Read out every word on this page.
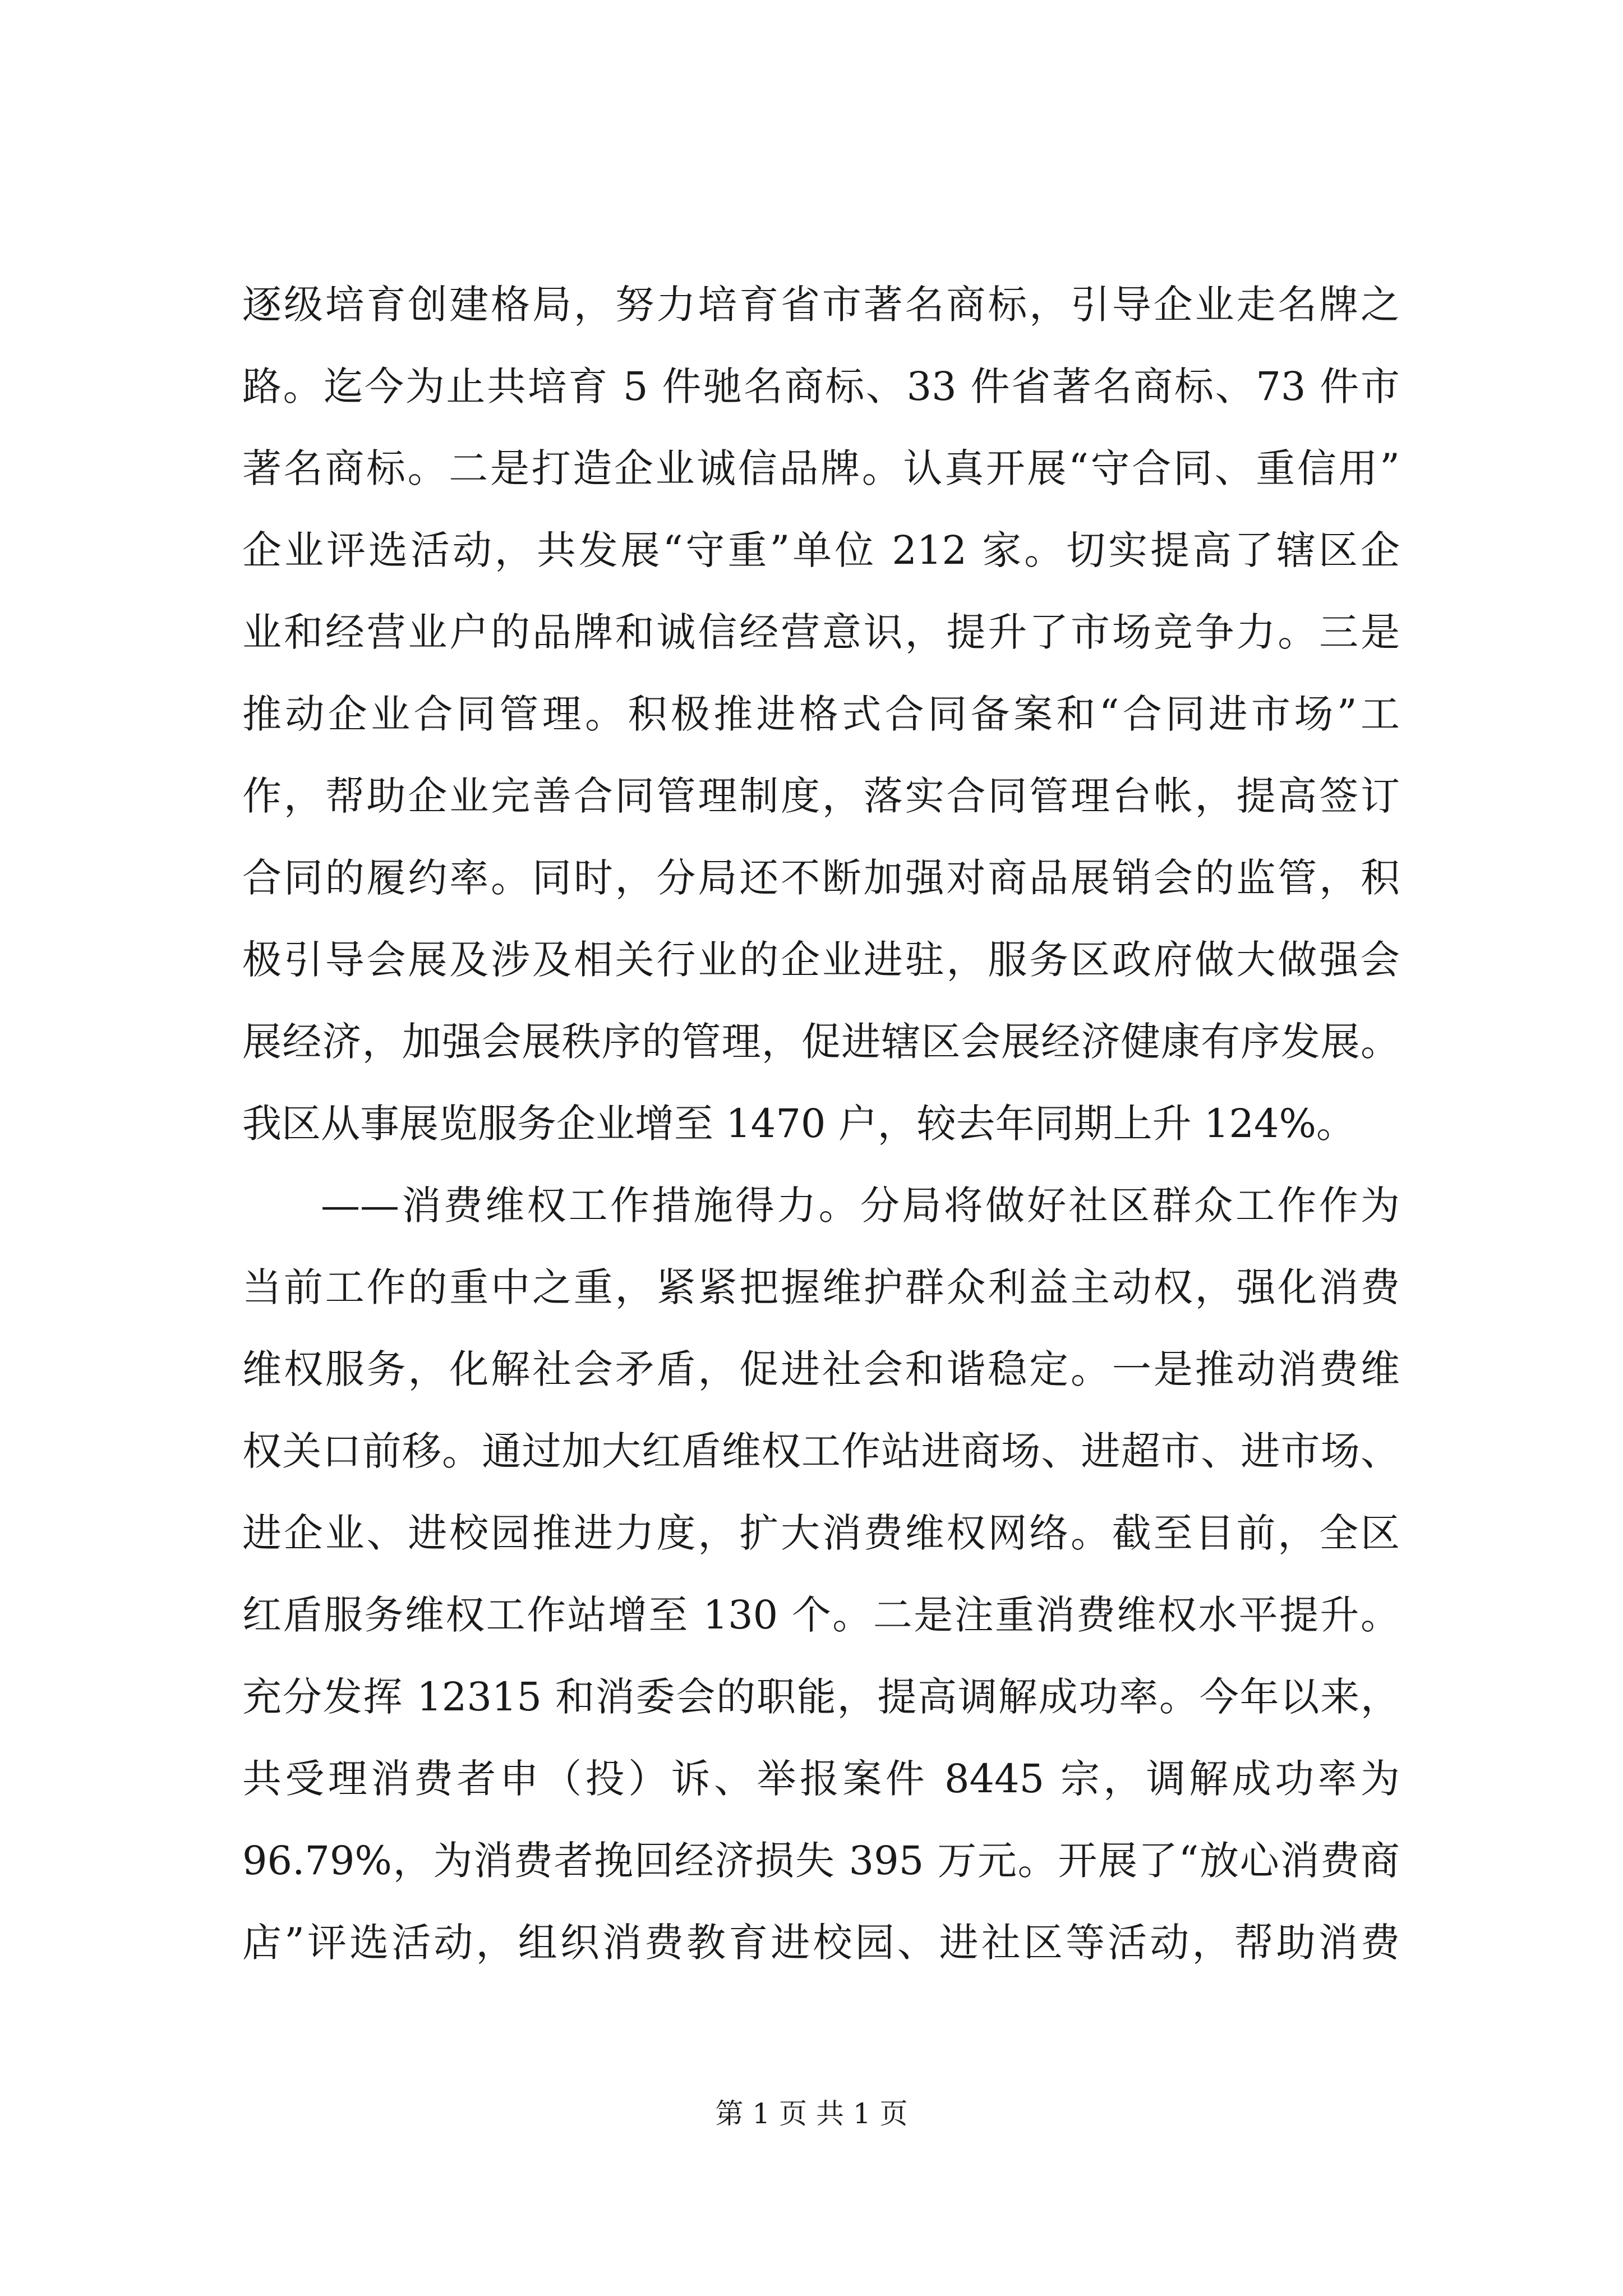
逐级培育创建格局，努力培育省市著名商标，引导企业走名牌之
路。迄今为止共培育 5 件驰名商标、33 件省著名商标、73 件市
著名商标。二是打造企业诚信品牌。认真开展“守合同、重信用”
企业评选活动，共发展“守重”单位 212 家。切实提高了辖区企
业和经营业户的品牌和诚信经营意识，提升了市场竞争力。三是
推动企业合同管理。积极推进格式合同备案和“合同进市场”工
作，帮助企业完善合同管理制度，落实合同管理台帐，提高签订
合同的履约率。同时，分局还不断加强对商品展销会的监管，积
极引导会展及涉及相关行业的企业进驻，服务区政府做大做强会
展经济，加强会展秩序的管理，促进辖区会展经济健康有序发展。
我区从事展览服务企业增至 1470 户，较去年同期上升 124%。
——消费维权工作措施得力。分局将做好社区群众工作作为
当前工作的重中之重，紧紧把握维护群众利益主动权，强化消费
维权服务，化解社会矛盾，促进社会和谐稳定。一是推动消费维
权关口前移。通过加大红盾维权工作站进商场、进超市、进市场、
进企业、进校园推进力度，扩大消费维权网络。截至目前，全区
红盾服务维权工作站增至 130 个。二是注重消费维权水平提升。
充分发挥 12315 和消委会的职能，提高调解成功率。今年以来，
共受理消费者申（投）诉、举报案件 8445 宗，调解成功率为
96.79%，为消费者挽回经济损失 395 万元。开展了“放心消费商
店”评选活动，组织消费教育进校园、进社区等活动，帮助消费
第 1 页 共 1 页
